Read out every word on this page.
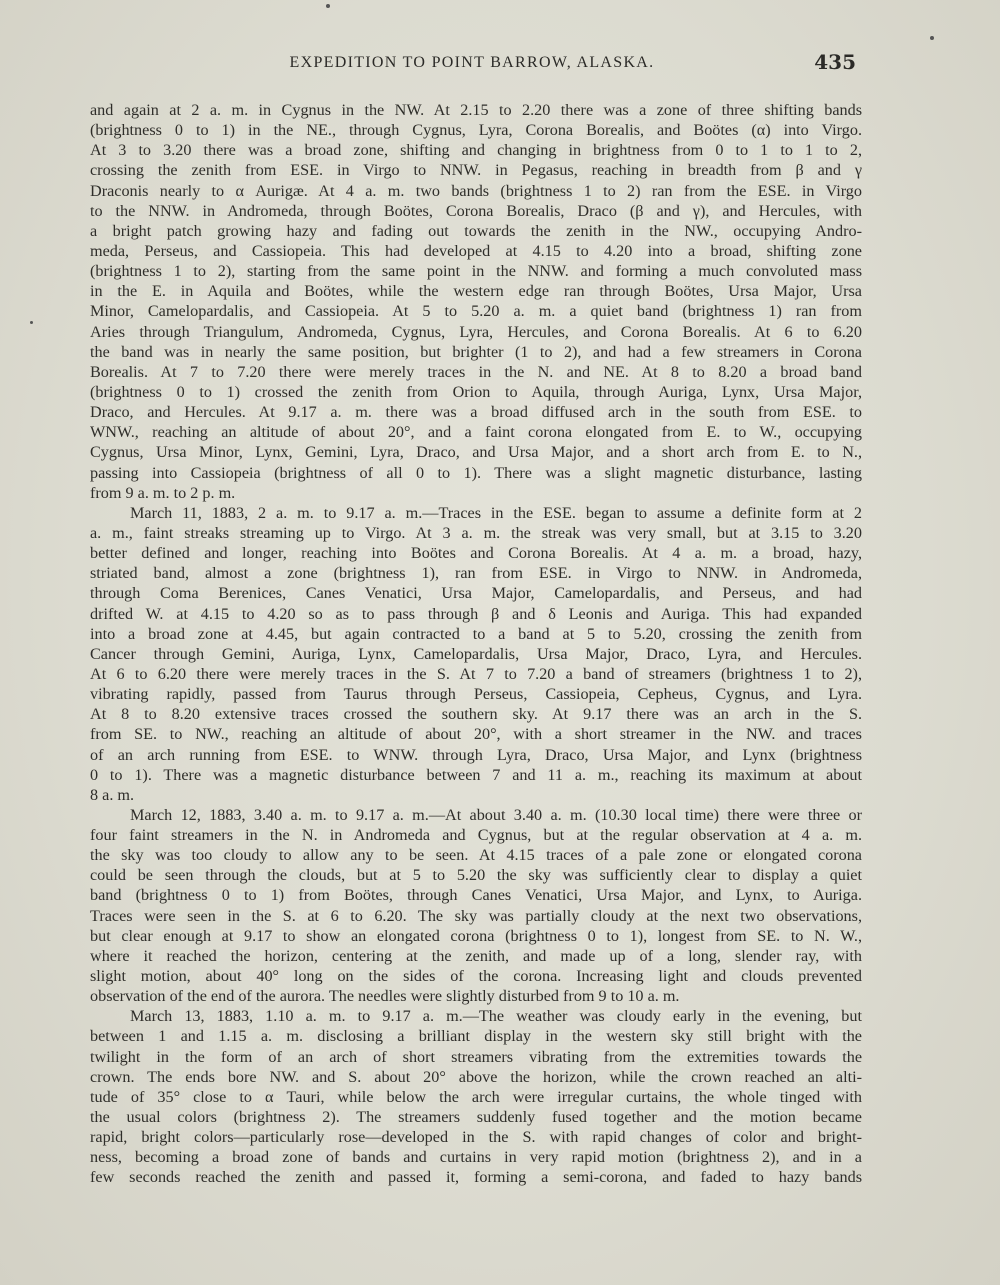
EXPEDITION TO POINT BARROW, ALASKA.	435
and again at 2 a. m. in Cygnus in the NW. At 2.15 to 2.20 there was a zone of three shifting bands
(brightness 0 to 1) in the NE., through Cygnus, Lyra, Corona Borealis, and Boötes (α) into Virgo.
At 3 to 3.20 there was a broad zone, shifting and changing in brightness from 0 to 1 to 1 to 2,
crossing the zenith from ESE. in Virgo to NNW. in Pegasus, reaching in breadth from β and γ
Draconis nearly to α Aurigæ. At 4 a. m. two bands (brightness 1 to 2) ran from the ESE. in Virgo
to the NNW. in Andromeda, through Boötes, Corona Borealis, Draco (β and γ), and Hercules, with
a bright patch growing hazy and fading out towards the zenith in the NW., occupying Andro-
meda, Perseus, and Cassiopeia. This had developed at 4.15 to 4.20 into a broad, shifting zone
(brightness 1 to 2), starting from the same point in the NNW. and forming a much convoluted mass
in the E. in Aquila and Boötes, while the western edge ran through Boötes, Ursa Major, Ursa
Minor, Camelopardalis, and Cassiopeia. At 5 to 5.20 a. m. a quiet band (brightness 1) ran from
Aries through Triangulum, Andromeda, Cygnus, Lyra, Hercules, and Corona Borealis. At 6 to 6.20
the band was in nearly the same position, but brighter (1 to 2), and had a few streamers in Corona
Borealis. At 7 to 7.20 there were merely traces in the N. and NE. At 8 to 8.20 a broad band
(brightness 0 to 1) crossed the zenith from Orion to Aquila, through Auriga, Lynx, Ursa Major,
Draco, and Hercules. At 9.17 a. m. there was a broad diffused arch in the south from ESE. to
WNW., reaching an altitude of about 20°, and a faint corona elongated from E. to W., occupying
Cygnus, Ursa Minor, Lynx, Gemini, Lyra, Draco, and Ursa Major, and a short arch from E. to N.,
passing into Cassiopeia (brightness of all 0 to 1). There was a slight magnetic disturbance, lasting
from 9 a. m. to 2 p. m.
March 11, 1883, 2 a. m. to 9.17 a. m.—Traces in the ESE. began to assume a definite form at 2
a. m., faint streaks streaming up to Virgo. At 3 a. m. the streak was very small, but at 3.15 to 3.20
better defined and longer, reaching into Boötes and Corona Borealis. At 4 a. m. a broad, hazy,
striated band, almost a zone (brightness 1), ran from ESE. in Virgo to NNW. in Andromeda,
through Coma Berenices, Canes Venatici, Ursa Major, Camelopardalis, and Perseus, and had
drifted W. at 4.15 to 4.20 so as to pass through β and δ Leonis and Auriga. This had expanded
into a broad zone at 4.45, but again contracted to a band at 5 to 5.20, crossing the zenith from
Cancer through Gemini, Auriga, Lynx, Camelopardalis, Ursa Major, Draco, Lyra, and Hercules.
At 6 to 6.20 there were merely traces in the S. At 7 to 7.20 a band of streamers (brightness 1 to 2),
vibrating rapidly, passed from Taurus through Perseus, Cassiopeia, Cepheus, Cygnus, and Lyra.
At 8 to 8.20 extensive traces crossed the southern sky. At 9.17 there was an arch in the S.
from SE. to NW., reaching an altitude of about 20°, with a short streamer in the NW. and traces
of an arch running from ESE. to WNW. through Lyra, Draco, Ursa Major, and Lynx (brightness
0 to 1). There was a magnetic disturbance between 7 and 11 a. m., reaching its maximum at about
8 a. m.
March 12, 1883, 3.40 a. m. to 9.17 a. m.—At about 3.40 a. m. (10.30 local time) there were three or
four faint streamers in the N. in Andromeda and Cygnus, but at the regular observation at 4 a. m.
the sky was too cloudy to allow any to be seen. At 4.15 traces of a pale zone or elongated corona
could be seen through the clouds, but at 5 to 5.20 the sky was sufficiently clear to display a quiet
band (brightness 0 to 1) from Boötes, through Canes Venatici, Ursa Major, and Lynx, to Auriga.
Traces were seen in the S. at 6 to 6.20. The sky was partially cloudy at the next two observations,
but clear enough at 9.17 to show an elongated corona (brightness 0 to 1), longest from SE. to N. W.,
where it reached the horizon, centering at the zenith, and made up of a long, slender ray, with
slight motion, about 40° long on the sides of the corona. Increasing light and clouds prevented
observation of the end of the aurora. The needles were slightly disturbed from 9 to 10 a. m.
March 13, 1883, 1.10 a. m. to 9.17 a. m.—The weather was cloudy early in the evening, but
between 1 and 1.15 a. m. disclosing a brilliant display in the western sky still bright with the
twilight in the form of an arch of short streamers vibrating from the extremities towards the
crown. The ends bore NW. and S. about 20° above the horizon, while the crown reached an alti-
tude of 35° close to α Tauri, while below the arch were irregular curtains, the whole tinged with
the usual colors (brightness 2). The streamers suddenly fused together and the motion became
rapid, bright colors—particularly rose—developed in the S. with rapid changes of color and bright-
ness, becoming a broad zone of bands and curtains in very rapid motion (brightness 2), and in a
few seconds reached the zenith and passed it, forming a semi-corona, and faded to hazy bands
